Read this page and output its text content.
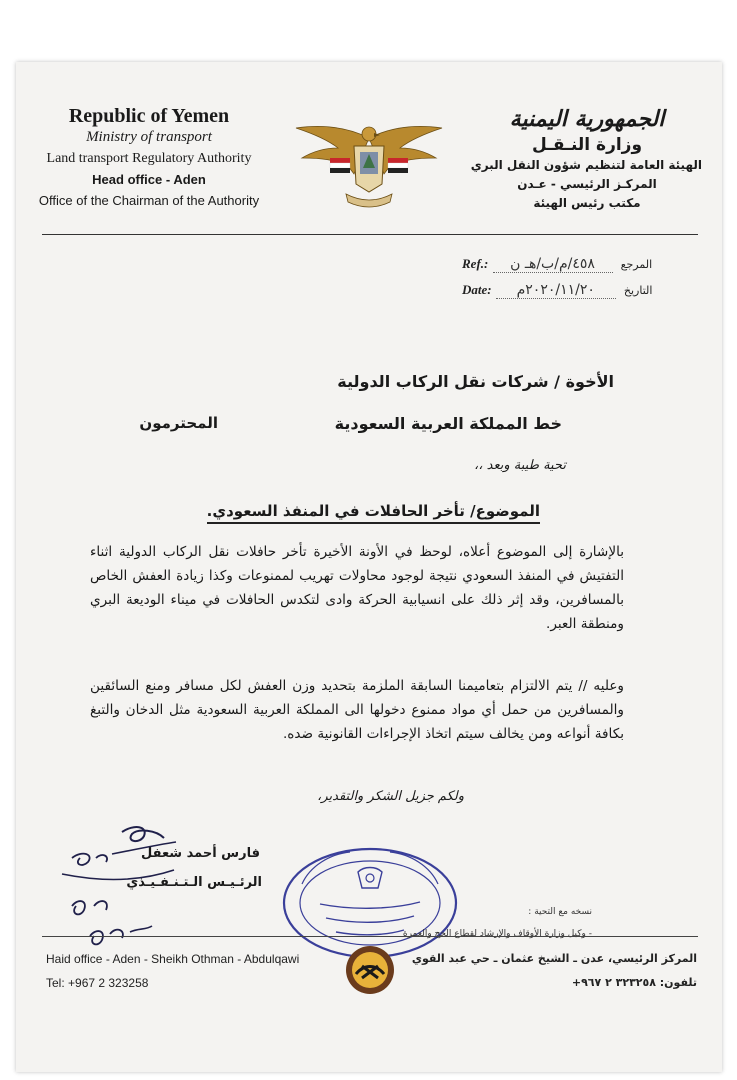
Republic of Yemen
Ministry of transport
Land transport Regulatory Authority
Head office - Aden
Office of the Chairman of the Authority
الجمهورية اليمنية
وزارة النـقـل
الهيئة العامة لتنظيم شؤون النقل البري
المركـز الرئيسي - عـدن
مكتب رئيس الهيئة
Ref.: ٤٥٨/م/ب/هـ ن المرجع
Date: ٢٠٢٠/١١/٢٠م	التاريخ
الأخوة / شركات نقل الركاب الدولية
خط المملكة العربية السعودية
المحترمون
تحية طيبة وبعد ،،
الموضوع/ تأخر الحافلات في المنفذ السعودي.
بالإشارة إلى الموضوع أعلاه، لوحظ في الأونة الأخيرة تأخر حافلات نقل الركاب الدولية اثناء التفتيش في المنفذ السعودي نتيجة لوجود محاولات تهريب لممنوعات وكذا زيادة العفش الخاص بالمسافرين، وقد إثر ذلك على انسيابية الحركة وادى لتكدس الحافلات في ميناء الوديعة البري ومنطقة العبر.
وعليه // يتم الالتزام بتعاميمنا السابقة الملزمة بتحديد وزن العفش لكل مسافر ومنع السائقين والمسافرين من حمل أي مواد ممنوع دخولها الى المملكة العربية السعودية مثل الدخان والتبغ بكافة أنواعه ومن يخالف سيتم اتخاذ الإجراءات القانونية ضده.
ولكم جزيل الشكر والتقدير،
فارس أحمد شعفل
الرئـيـس الـتـنـفـيـذي
نسخه مع التحية :
- وكيل وزارة الأوقاف والإرشاد لقطاع الحج والعمرة
Haid office - Aden - Sheikh Othman - Abdulqawi
Tel: +967 2 323258
المركز الرئيسي، عدن ـ الشيخ عثمان ـ حي عبد القوي
تلفون: ٣٢٣٢٥٨ ٢ ٩٦٧+
